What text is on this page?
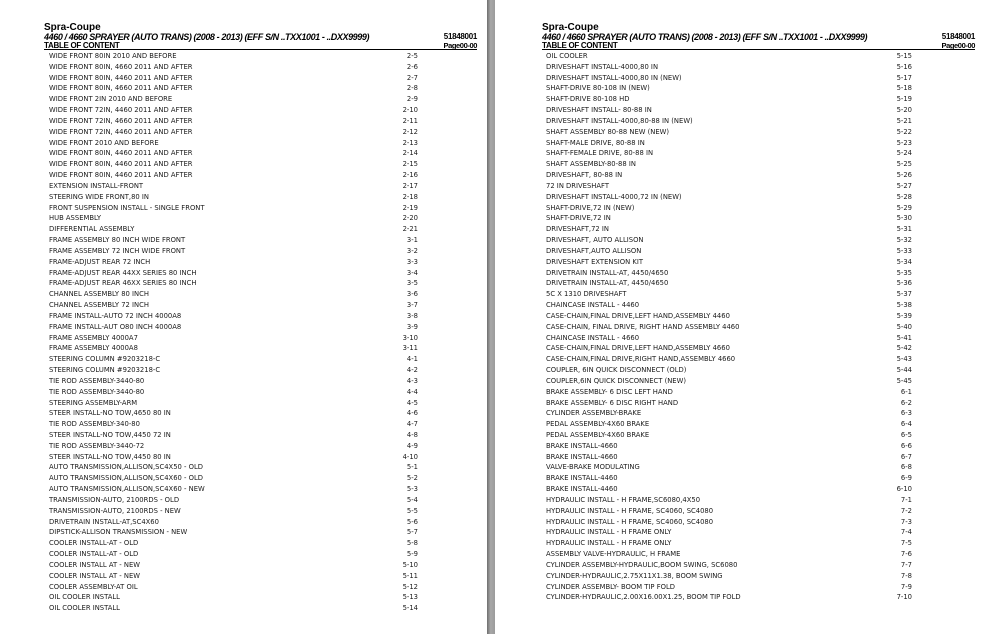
Spra-Coupe
4460 / 4660 SPRAYER (AUTO TRANS) (2008 - 2013) (EFF S/N ..TXX1001 - ..DXX9999)	51848001
TABLE OF CONTENT	Page00-00
WIDE FRONT 80IN 2010 AND BEFORE	2-5
WIDE FRONT 80IN, 4660 2011 AND AFTER	2-6
WIDE FRONT 80IN, 4460 2011 AND AFTER	2-7
WIDE FRONT 80IN, 4660 2011 AND AFTER	2-8
WIDE FRONT 2IN 2010 AND BEFORE	2-9
WIDE FRONT 72IN, 4460 2011 AND AFTER	2-10
WIDE FRONT 72IN, 4660 2011 AND AFTER	2-11
WIDE FRONT 72IN, 4460 2011 AND AFTER	2-12
WIDE FRONT 2010 AND BEFORE	2-13
WIDE FRONT 80IN, 4460 2011 AND AFTER	2-14
WIDE FRONT 80IN, 4460 2011 AND AFTER	2-15
WIDE FRONT 80IN, 4460 2011 AND AFTER	2-16
EXTENSION INSTALL-FRONT	2-17
STEERING WIDE FRONT,80 IN	2-18
FRONT SUSPENSION INSTALL - SINGLE FRONT	2-19
HUB ASSEMBLY	2-20
DIFFERENTIAL ASSEMBLY	2-21
FRAME ASSEMBLY 80 INCH WIDE FRONT	3-1
FRAME ASSEMBLY 72 INCH WIDE FRONT	3-2
FRAME-ADJUST REAR 72 INCH	3-3
FRAME-ADJUST REAR 44XX SERIES 80 INCH	3-4
FRAME-ADJUST REAR 46XX SERIES 80 INCH	3-5
CHANNEL ASSEMBLY 80 INCH	3-6
CHANNEL ASSEMBLY 72 INCH	3-7
FRAME INSTALL-AUTO 72 INCH 4000A8	3-8
FRAME INSTALL-AUT O80 INCH 4000A8	3-9
FRAME ASSEMBLY 4000A7	3-10
FRAME ASSEMBLY 4000A8	3-11
STEERING COLUMN #9203218-C	4-1
STEERING COLUMN #9203218-C	4-2
TIE ROD ASSEMBLY-3440-80	4-3
TIE ROD ASSEMBLY-3440-80	4-4
STEERING ASSEMBLY-ARM	4-5
STEER INSTALL-NO TOW,4650 80 IN	4-6
TIE ROD ASSEMBLY-340-80	4-7
STEER INSTALL-NO TOW,4450 72 IN	4-8
TIE ROD ASSEMBLY-3440-72	4-9
STEER INSTALL-NO TOW,4450 80 IN	4-10
AUTO TRANSMISSION,ALLISON,SC4X50 - OLD	5-1
AUTO TRANSMISSION,ALLISON,SC4X60 - OLD	5-2
AUTO TRANSMISSION,ALLISON,SC4X60 - NEW	5-3
TRANSMISSION-AUTO, 2100RDS - OLD	5-4
TRANSMISSION-AUTO, 2100RDS - NEW	5-5
DRIVETRAIN INSTALL-AT,SC4X60	5-6
DIPSTICK-ALLISON TRANSMISSION - NEW	5-7
COOLER INSTALL-AT - OLD	5-8
COOLER INSTALL-AT - OLD	5-9
COOLER INSTALL AT - NEW	5-10
COOLER INSTALL AT - NEW	5-11
COOLER ASSEMBLY-AT OIL	5-12
OIL COOLER INSTALL	5-13
OIL COOLER INSTALL	5-14
Spra-Coupe
4460 / 4660 SPRAYER (AUTO TRANS) (2008 - 2013) (EFF S/N ..TXX1001 - ..DXX9999)	51848001
TABLE OF CONTENT	Page00-00
OIL COOLER	5-15
DRIVESHAFT INSTALL-4000,80 IN	5-16
DRIVESHAFT INSTALL-4000,80 IN (NEW)	5-17
SHAFT-DRIVE 80-108 IN (NEW)	5-18
SHAFT-DRIVE 80-108 HD	5-19
DRIVESHAFT INSTALL- 80-88 IN	5-20
DRIVESHAFT INSTALL-4000,80-88 IN (NEW)	5-21
SHAFT ASSEMBLY 80-88 NEW (NEW)	5-22
SHAFT-MALE DRIVE, 80-88 IN	5-23
SHAFT-FEMALE DRIVE, 80-88 IN	5-24
SHAFT ASSEMBLY-80-88 IN	5-25
DRIVESHAFT, 80-88 IN	5-26
72 IN DRIVESHAFT	5-27
DRIVESHAFT INSTALL-4000,72 IN (NEW)	5-28
SHAFT-DRIVE,72 IN (NEW)	5-29
SHAFT-DRIVE,72 IN	5-30
DRIVESHAFT,72 IN	5-31
DRIVESHAFT, AUTO ALLISON	5-32
DRIVESHAFT,AUTO ALLISON	5-33
DRIVESHAFT EXTENSION KIT	5-34
DRIVETRAIN INSTALL-AT, 4450/4650	5-35
DRIVETRAIN INSTALL-AT, 4450/4650	5-36
5C X 1310 DRIVESHAFT	5-37
CHAINCASE INSTALL - 4460	5-38
CASE-CHAIN,FINAL DRIVE,LEFT HAND,ASSEMBLY 4460	5-39
CASE-CHAIN, FINAL DRIVE, RIGHT HAND ASSEMBLY 4460	5-40
CHAINCASE INSTALL - 4660	5-41
CASE-CHAIN,FINAL DRIVE,LEFT HAND,ASSEMBLY 4660	5-42
CASE-CHAIN,FINAL DRIVE,RIGHT HAND,ASSEMBLY 4660	5-43
COUPLER, 6IN QUICK DISCONNECT (OLD)	5-44
COUPLER,6IN QUICK DISCONNECT (NEW)	5-45
BRAKE ASSEMBLY- 6 DISC LEFT HAND	6-1
BRAKE ASSEMBLY- 6 DISC RIGHT HAND	6-2
CYLINDER ASSEMBLY-BRAKE	6-3
PEDAL ASSEMBLY-4X60 BRAKE	6-4
PEDAL ASSEMBLY-4X60 BRAKE	6-5
BRAKE INSTALL-4660	6-6
BRAKE INSTALL-4660	6-7
VALVE-BRAKE MODULATING	6-8
BRAKE INSTALL-4460	6-9
BRAKE INSTALL-4460	6-10
HYDRAULIC INSTALL - H FRAME,SC6080,4X50	7-1
HYDRAULIC INSTALL - H FRAME, SC4060, SC4080	7-2
HYDRAULIC INSTALL - H FRAME, SC4060, SC4080	7-3
HYDRAULIC INSTALL - H FRAME ONLY	7-4
HYDRAULIC INSTALL - H FRAME ONLY	7-5
ASSEMBLY VALVE-HYDRAULIC, H FRAME	7-6
CYLINDER ASSEMBLY-HYDRAULIC,BOOM SWING, SC6080	7-7
CYLINDER-HYDRAULIC,2.75X11X1.38, BOOM SWING	7-8
CYLINDER ASSEMBLY- BOOM TIP FOLD	7-9
CYLINDER-HYDRAULIC,2.00X16.00X1.25, BOOM TIP FOLD	7-10
